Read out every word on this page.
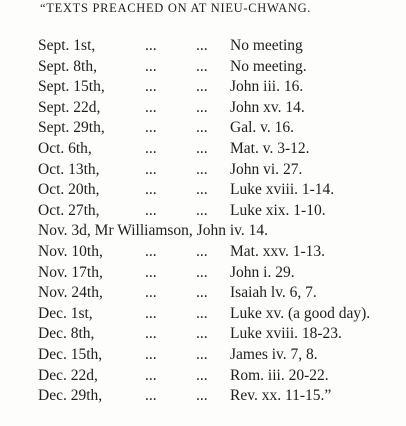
“TEXTS PREACHED ON AT NIEU-CHWANG.
Sept. 1st,	...	... No meeting
Sept. 8th,	...	... No meeting.
Sept. 15th,	...	... John iii. 16.
Sept. 22d,	...	... John xv. 14.
Sept. 29th,	...	... Gal. v. 16.
Oct. 6th,	...	... Mat. v. 3-12.
Oct. 13th,	...	... John vi. 27.
Oct. 20th,	...	... Luke xviii. 1-14.
Oct. 27th,	...	... Luke xix. 1-10.
Nov. 3d, Mr Williamson, John iv. 14.
Nov. 10th,	...	... Mat. xxv. 1-13.
Nov. 17th,	...	... John i. 29.
Nov. 24th,	...	... Isaiah lv. 6, 7.
Dec. 1st,	...	... Luke xv. (a good day).
Dec. 8th,	...	... Luke xviii. 18-23.
Dec. 15th,	...	... James iv. 7, 8.
Dec. 22d,	...	... Rom. iii. 20-22.
Dec. 29th,	...	... Rev. xx. 11-15.”
